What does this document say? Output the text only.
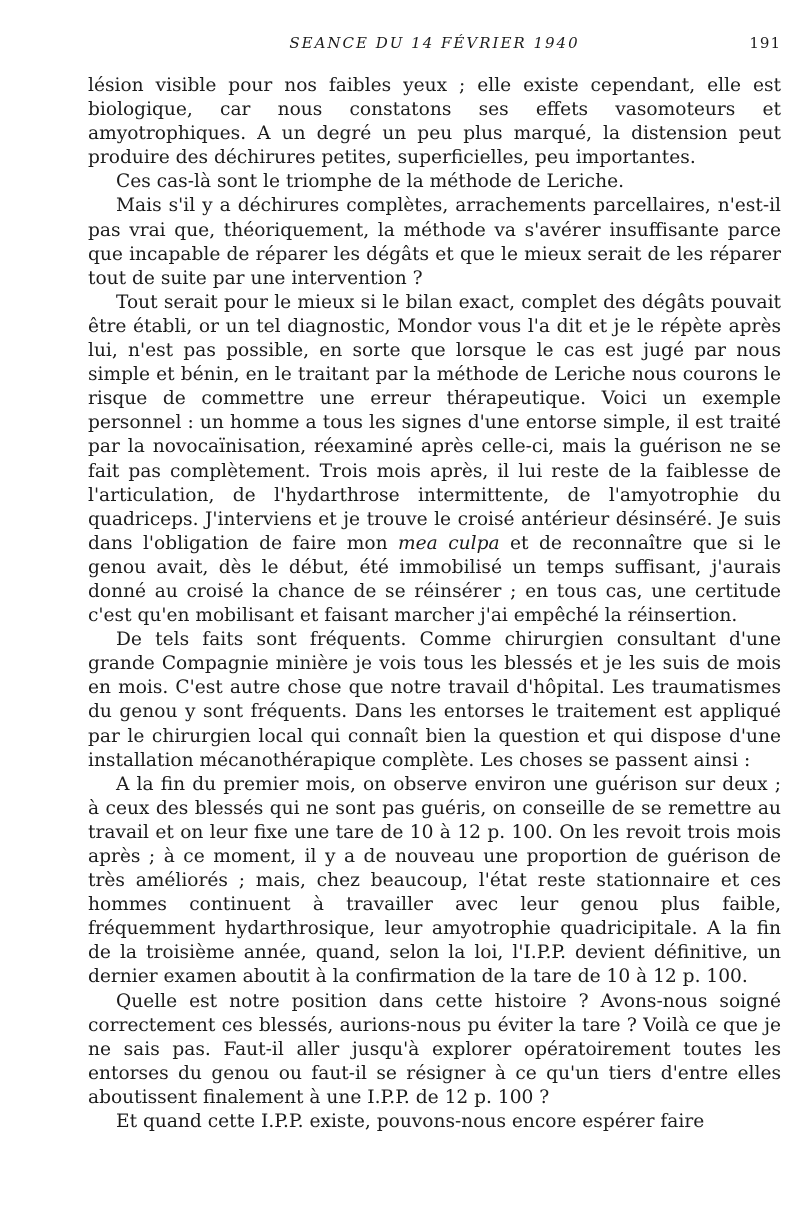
SEANCE DU 14 FÉVRIER 1940	191

lésion visible pour nos faibles yeux ; elle existe cependant, elle est biologique, car nous constatons ses effets vasomoteurs et amyotrophiques. A un degré un peu plus marqué, la distension peut produire des déchirures petites, superficielles, peu importantes.

Ces cas-là sont le triomphe de la méthode de Leriche.

Mais s'il y a déchirures complètes, arrachements parcellaires, n'est-il pas vrai que, théoriquement, la méthode va s'avérer insuffisante parce que incapable de réparer les dégâts et que le mieux serait de les réparer tout de suite par une intervention ?

Tout serait pour le mieux si le bilan exact, complet des dégâts pouvait être établi, or un tel diagnostic, Mondor vous l'a dit et je le répète après lui, n'est pas possible, en sorte que lorsque le cas est jugé par nous simple et bénin, en le traitant par la méthode de Leriche nous courons le risque de commettre une erreur thérapeutique. Voici un exemple personnel : un homme a tous les signes d'une entorse simple, il est traité par la novocaïnisation, réexaminé après celle-ci, mais la guérison ne se fait pas complètement. Trois mois après, il lui reste de la faiblesse de l'articulation, de l'hydarthrose intermittente, de l'amyotrophie du quadriceps. J'interviens et je trouve le croisé antérieur désinséré. Je suis dans l'obligation de faire mon mea culpa et de reconnaître que si le genou avait, dès le début, été immobilisé un temps suffisant, j'aurais donné au croisé la chance de se réinsérer ; en tous cas, une certitude c'est qu'en mobilisant et faisant marcher j'ai empêché la réinsertion.

De tels faits sont fréquents. Comme chirurgien consultant d'une grande Compagnie minière je vois tous les blessés et je les suis de mois en mois. C'est autre chose que notre travail d'hôpital. Les traumatismes du genou y sont fréquents. Dans les entorses le traitement est appliqué par le chirurgien local qui connaît bien la question et qui dispose d'une installation mécanothérapique complète. Les choses se passent ainsi :

A la fin du premier mois, on observe environ une guérison sur deux ; à ceux des blessés qui ne sont pas guéris, on conseille de se remettre au travail et on leur fixe une tare de 10 à 12 p. 100. On les revoit trois mois après ; à ce moment, il y a de nouveau une proportion de guérison de très améliorés ; mais, chez beaucoup, l'état reste stationnaire et ces hommes continuent à travailler avec leur genou plus faible, fréquemment hydarthrosique, leur amyotrophie quadricipitale. A la fin de la troisième année, quand, selon la loi, l'I.P.P. devient définitive, un dernier examen aboutit à la confirmation de la tare de 10 à 12 p. 100.

Quelle est notre position dans cette histoire ? Avons-nous soigné correctement ces blessés, aurions-nous pu éviter la tare ? Voilà ce que je ne sais pas. Faut-il aller jusqu'à explorer opératoirement toutes les entorses du genou ou faut-il se résigner à ce qu'un tiers d'entre elles aboutissent finalement à une I.P.P. de 12 p. 100 ?

Et quand cette I.P.P. existe, pouvons-nous encore espérer faire
